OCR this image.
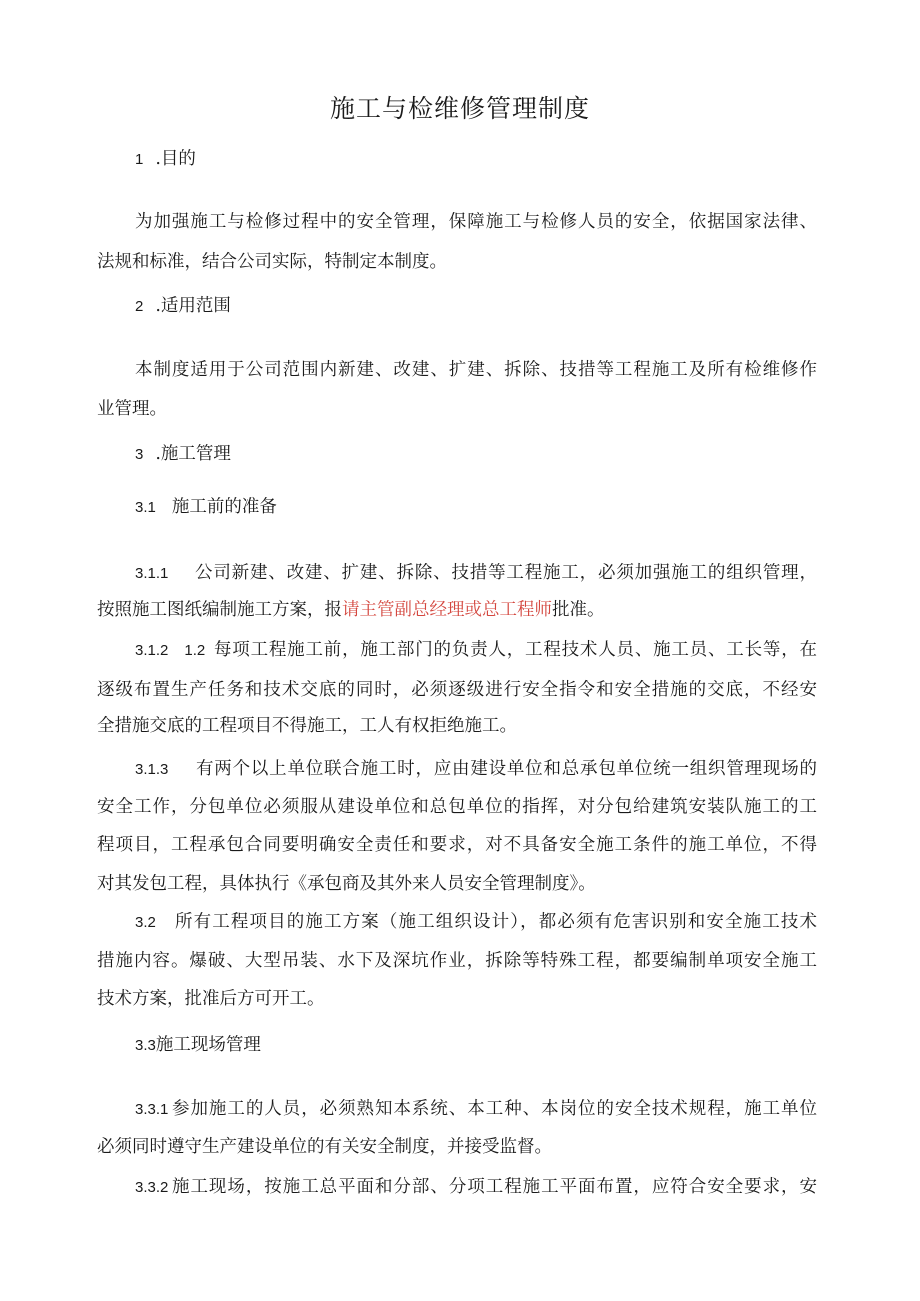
施工与检维修管理制度
1 .目的
为加强施工与检修过程中的安全管理，保障施工与检修人员的安全，依据国家法律、
法规和标准，结合公司实际，特制定本制度。
2 .适用范围
本制度适用于公司范围内新建、改建、扩建、拆除、技措等工程施工及所有检维修作
业管理。
3 .施工管理
3.1 施工前的准备
3.1.1 公司新建、改建、扩建、拆除、技措等工程施工，必须加强施工的组织管理，
按照施工图纸编制施工方案，报请主管副总经理或总工程师批准。
3.1.2 1.2 每项工程施工前，施工部门的负责人，工程技术人员、施工员、工长等，在
逐级布置生产任务和技术交底的同时，必须逐级进行安全指令和安全措施的交底，不经安
全措施交底的工程项目不得施工，工人有权拒绝施工。
3.1.3 有两个以上单位联合施工时，应由建设单位和总承包单位统一组织管理现场的
安全工作，分包单位必须服从建设单位和总包单位的指挥，对分包给建筑安装队施工的工
程项目，工程承包合同要明确安全责任和要求，对不具备安全施工条件的施工单位，不得
对其发包工程，具体执行《承包商及其外来人员安全管理制度》。
3.2 所有工程项目的施工方案（施工组织设计），都必须有危害识别和安全施工技术
措施内容。爆破、大型吊装、水下及深坑作业，拆除等特殊工程，都要编制单项安全施工
技术方案，批准后方可开工。
3.3施工现场管理
3.3.1 参加施工的人员，必须熟知本系统、本工种、本岗位的安全技术规程，施工单位
必须同时遵守生产建设单位的有关安全制度，并接受监督。
3.3.2 施工现场，按施工总平面和分部、分项工程施工平面布置，应符合安全要求，安
